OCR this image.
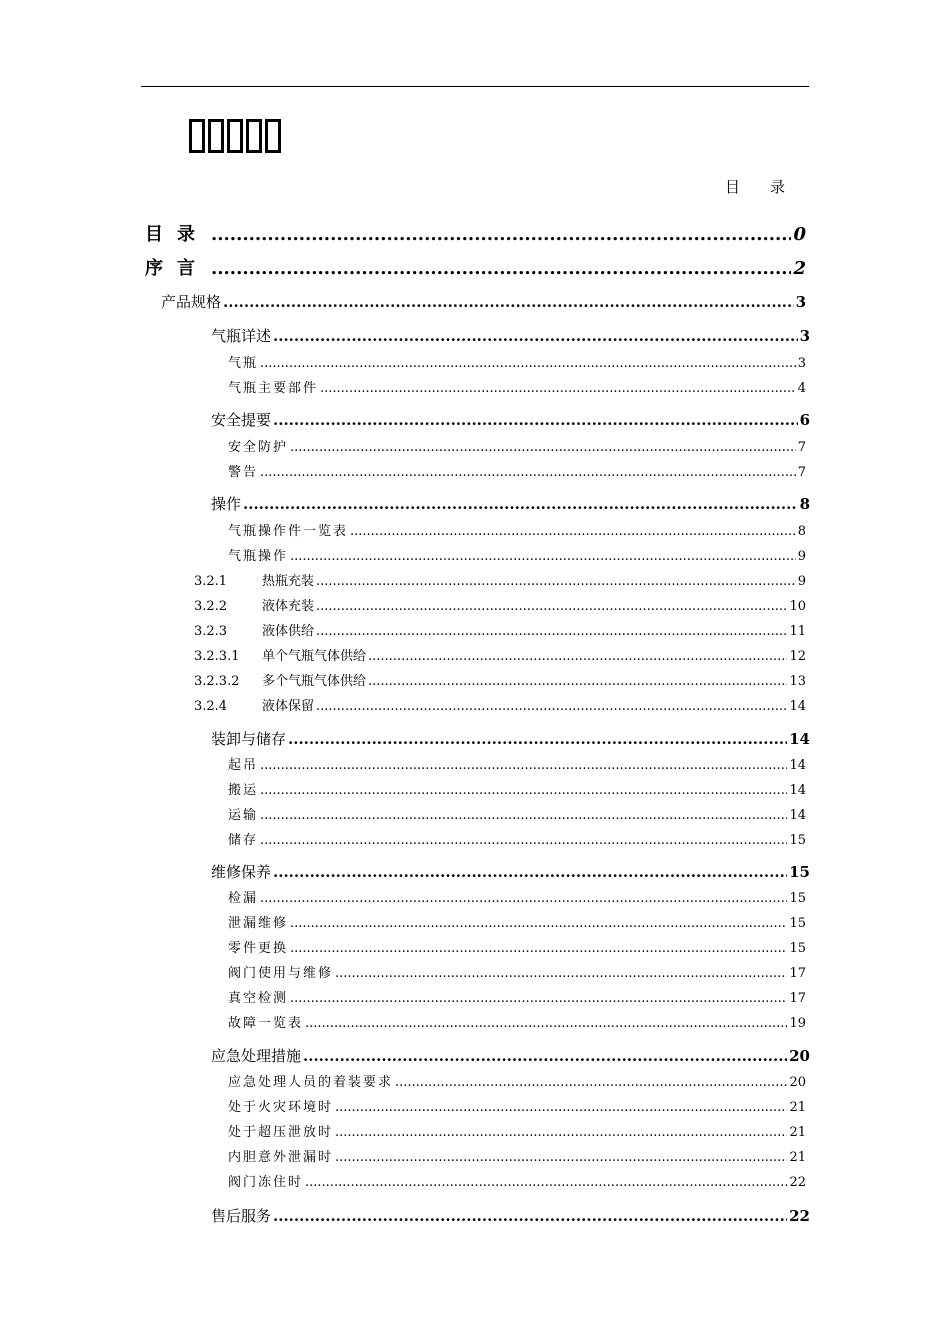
目录
目录 .....	0
序言 .....	2
产品规格 .....	3
气瓶详述 .....	3
气瓶 .....	3
气瓶主要部件 .....	4
安全提要 .....	6
安全防护 .....	7
警告 .....	7
操作 .....	8
气瓶操作件一览表 .....	8
气瓶操作 .....	9
3.2.1	热瓶充装 .....	9
3.2.2	液体充装 .....	10
3.2.3	液体供给 .....	11
3.2.3.1	单个气瓶气体供给 .....	12
3.2.3.2	多个气瓶气体供给 .....	13
3.2.4	液体保留 .....	14
装卸与储存 .....	14
起吊 .....	14
搬运 .....	14
运输 .....	14
储存 .....	15
维修保养 .....	15
检漏 .....	15
泄漏维修 .....	15
零件更换 .....	15
阀门使用与维修 .....	17
真空检测 .....	17
故障一览表 .....	19
应急处理措施 .....	20
应急处理人员的着装要求 .....	20
处于火灾环境时 .....	21
处于超压泄放时 .....	21
内胆意外泄漏时 .....	21
阀门冻住时 .....	22
售后服务 .....	22
